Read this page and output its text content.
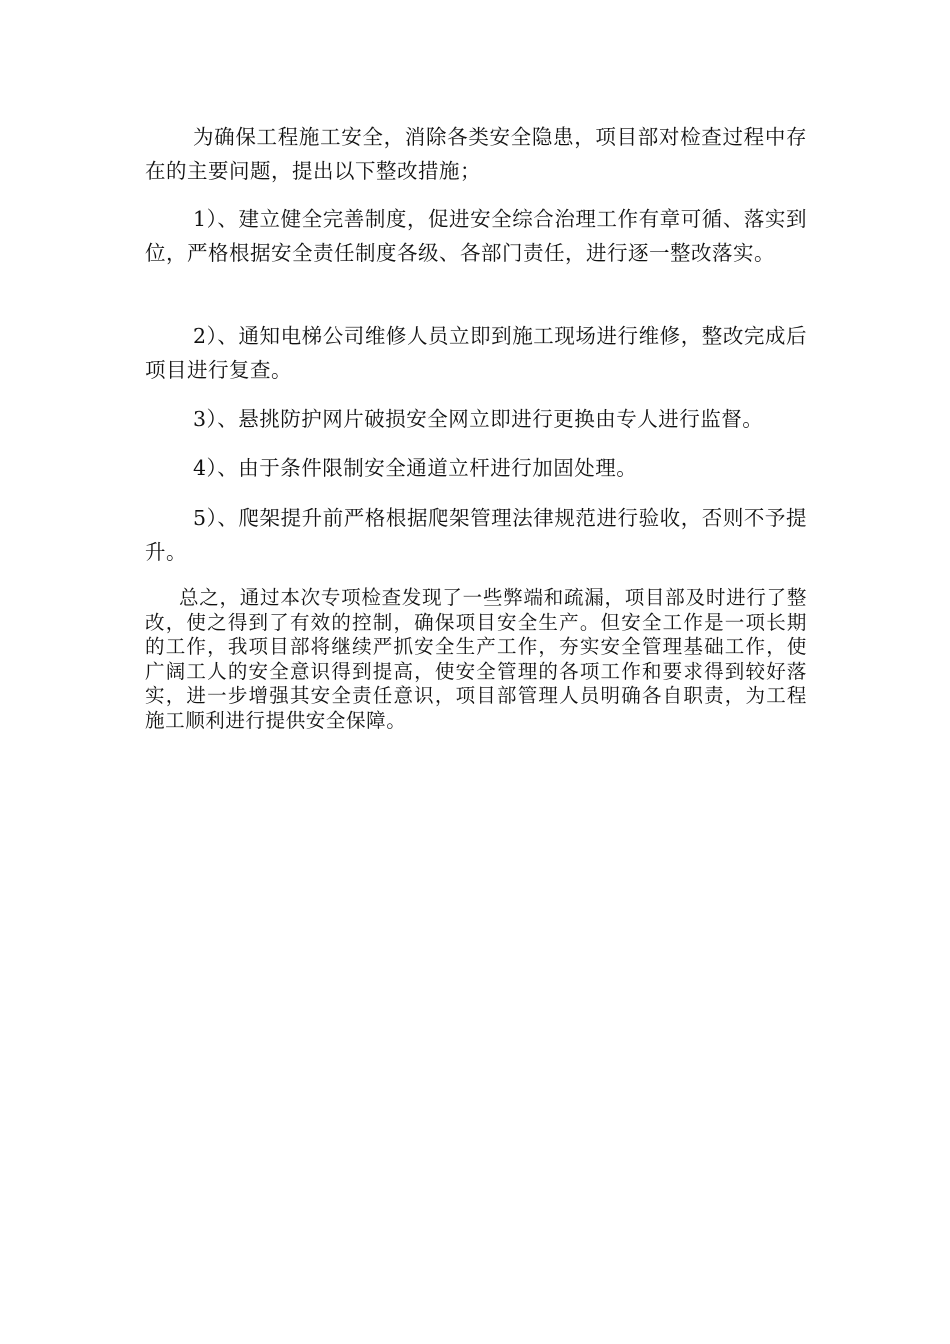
为确保工程施工安全，消除各类安全隐患，项目部对检查过程中存在的主要问题，提出以下整改措施；

1）、建立健全完善制度，促进安全综合治理工作有章可循、落实到位，严格根据安全责任制度各级、各部门责任，进行逐一整改落实。

2）、通知电梯公司维修人员立即到施工现场进行维修，整改完成后项目进行复查。

3）、悬挑防护网片破损安全网立即进行更换由专人进行监督。

4）、由于条件限制安全通道立杆进行加固处理。

5）、爬架提升前严格根据爬架管理法律规范进行验收，否则不予提升。

总之，通过本次专项检查发现了一些弊端和疏漏，项目部及时进行了整改，使之得到了有效的控制，确保项目安全生产。但安全工作是一项长期的工作，我项目部将继续严抓安全生产工作，夯实安全管理基础工作，使广阔工人的安全意识得到提高，使安全管理的各项工作和要求得到较好落实，进一步增强其安全责任意识，项目部管理人员明确各自职责，为工程施工顺利进行提供安全保障。
